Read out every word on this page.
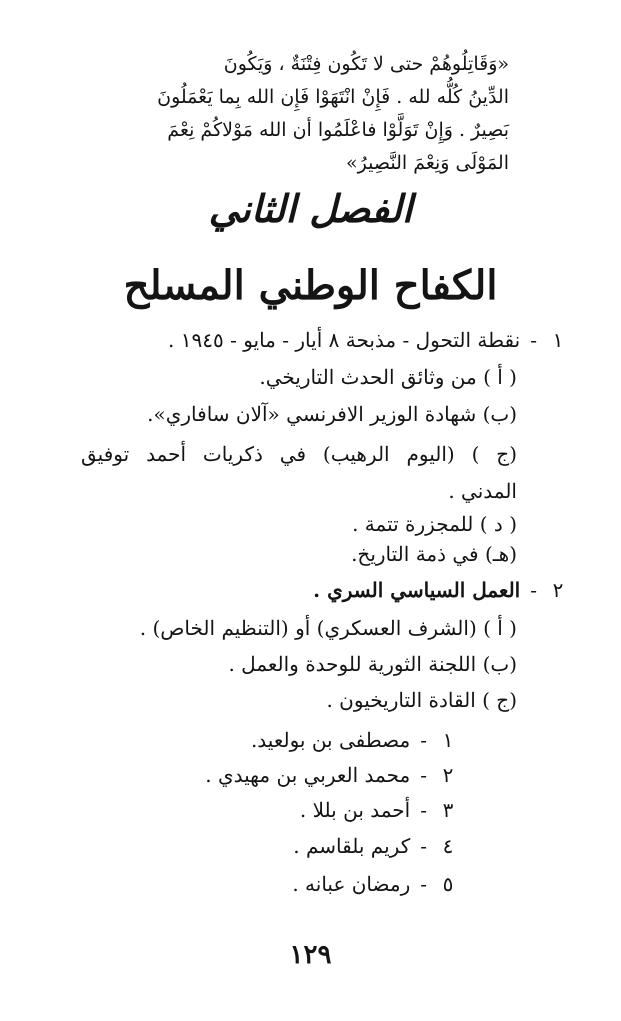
«وَقَاتِلُوهُمْ حتى لا تَكُون فِتْنَةٌ ، وَيَكُونَ
الدِّينُ كُلُّه لله . فَإِنْ انْتَهَوْا فَإِن الله بِما يَعْمَلُونَ
بَصِيرٌ . وَإِنْ تَوَلَّوْا فاعْلَمُوا أن الله مَوْلاكُمْ نِعْمَ
المَوْلَى وَنِعْمَ النَّصِيرُ»
الفصل الثاني
الكفاح الوطني المسلح
١-نقطة التحول - مذبحة ٨ أيار - مايو - ١٩٤٥ .
( أ ) من وثائق الحدث التاريخي.
(ب) شهادة الوزير الافرنسي «آلان سافاري».
(ج ) (اليوم الرهيب) في ذكريات أحمد توفيق
المدني .
( د ) للمجزرة تتمة .
(هـ) في ذمة التاريخ.
٢-العمل السياسي السري .
( أ ) (الشرف العسكري) أو (التنظيم الخاص) .
(ب) اللجنة الثورية للوحدة والعمل .
(ج ) القادة التاريخيون .
١-مصطفى بن بولعيد.
٢-محمد العربي بن مهيدي .
٣-أحمد بن بللا .
٤-كريم بلقاسم .
٥-رمضان عبانه .
١٢٩
